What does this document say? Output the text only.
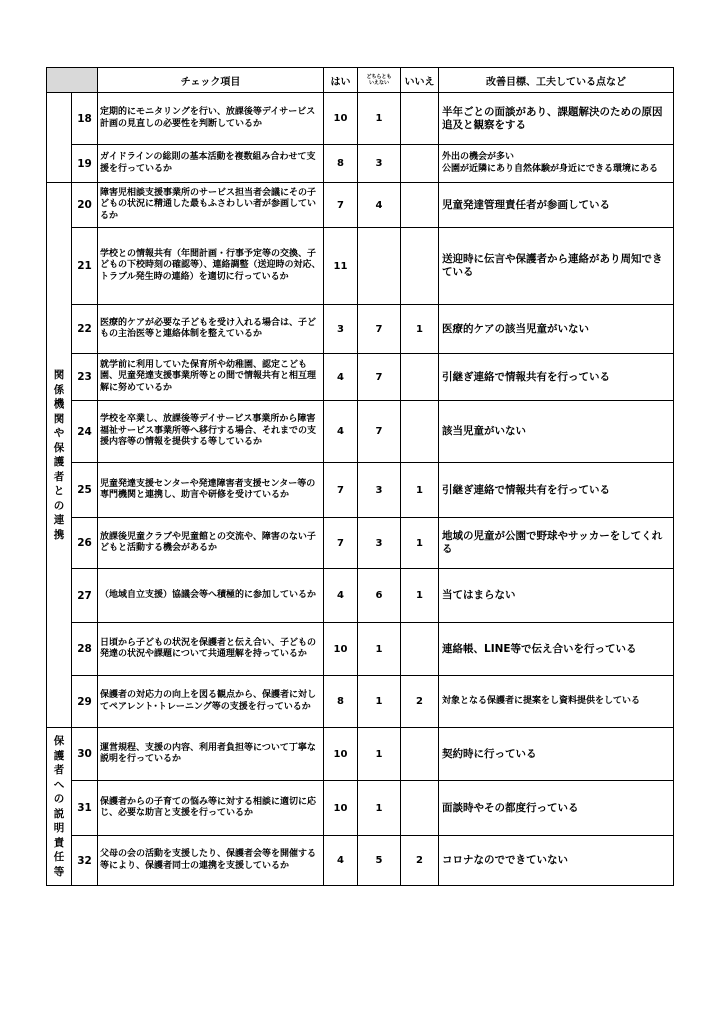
		チェック項目	はい	どちらとも
いえない	いいえ	改善目標、工夫している点など
	18	定期的にモニタリングを行い、放課後等デイサービス計画の見直しの必要性を判断しているか	10	1		半年ごとの面談があり、課題解決のための原因追及と観察をする
	19	ガイドラインの総則の基本活動を複数組み合わせて支援を行っているか	8	3		外出の機会が多い
公園が近隣にあり自然体験が身近にできる環境にある

関係機関や保護者との連携	20	障害児相談支援事業所のサービス担当者会議にその子どもの状況に精通した最もふさわしい者が参画しているか	7	4		児童発達管理責任者が参画している
	21	学校との情報共有（年間計画・行事予定等の交換、子どもの下校時刻の確認等）、連絡調整（送迎時の対応、トラブル発生時の連絡）を適切に行っているか	11			送迎時に伝言や保護者から連絡があり周知できている
	22	医療的ケアが必要な子どもを受け入れる場合は、子どもの主治医等と連絡体制を整えているか	3	7	1	医療的ケアの該当児童がいない
	23	就学前に利用していた保育所や幼稚園、認定こども園、児童発達支援事業所等との間で情報共有と相互理解に努めているか	4	7		引継ぎ連絡で情報共有を行っている
	24	学校を卒業し、放課後等デイサービス事業所から障害福祉サービス事業所等へ移行する場合、それまでの支援内容等の情報を提供する等しているか	4	7		該当児童がいない
	25	児童発達支援センターや発達障害者支援センター等の専門機関と連携し、助言や研修を受けているか	7	3	1	引継ぎ連絡で情報共有を行っている
	26	放課後児童クラブや児童館との交流や、障害のない子どもと活動する機会があるか	7	3	1	地域の児童が公園で野球やサッカーをしてくれる
	27	（地域自立支援）協議会等へ積極的に参加しているか	4	6	1	当てはまらない
	28	日頃から子どもの状況を保護者と伝え合い、子どもの発達の状況や課題について共通理解を持っているか	10	1		連絡帳、LINE等で伝え合いを行っている
	29	保護者の対応力の向上を図る観点から、保護者に対してペアレント･トレーニング等の支援を行っているか	8	1	2	対象となる保護者に提案をし資料提供をしている

保護者への説明責任等	30	運営規程、支援の内容、利用者負担等について丁寧な説明を行っているか	10	1		契約時に行っている
	31	保護者からの子育ての悩み等に対する相談に適切に応じ、必要な助言と支援を行っているか	10	1		面談時やその都度行っている
	32	父母の会の活動を支援したり、保護者会等を開催する等により、保護者同士の連携を支援しているか	4	5	2	コロナなのでできていない
